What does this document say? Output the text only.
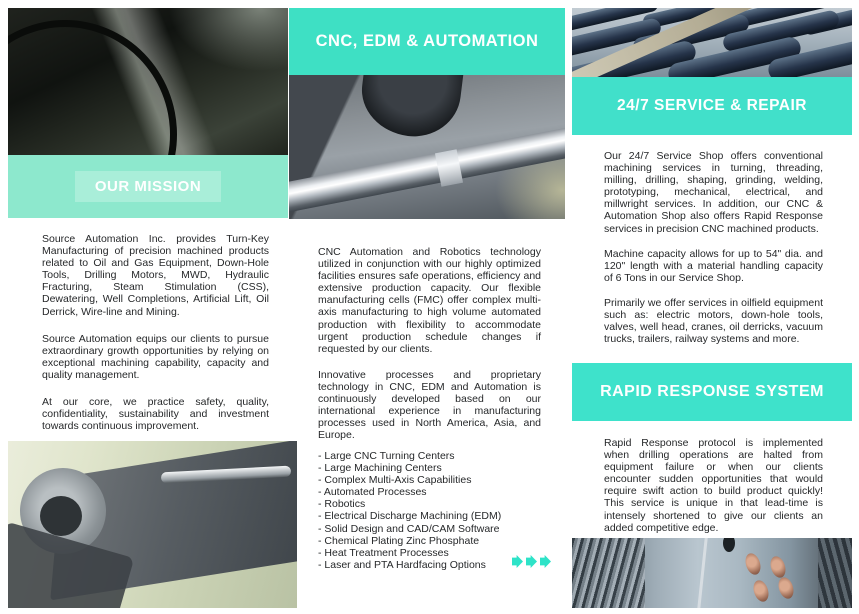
OUR MISSION

Source Automation Inc. provides Turn-Key Manufacturing of precision machined products related to Oil and Gas Equipment, Down-Hole Tools, Drilling Motors, MWD, Hydraulic Fracturing, Steam Stimulation (CSS), Dewatering, Well Completions, Artificial Lift, Oil Derrick, Wire-line and Mining.

Source Automation equips our clients to pursue extraordinary growth opportunities by relying on exceptional machining capability, capacity and quality management.

At our core, we practice safety, quality, confidentiality, sustainability and investment towards continuous improvement.

CNC, EDM & AUTOMATION

CNC Automation and Robotics technology utilized in conjunction with our highly optimized facilities ensures safe operations, efficiency and extensive production capacity. Our flexible manufacturing cells (FMC) offer complex multi-axis manufacturing to high volume automated production with flexibility to accommodate urgent production schedule changes if requested by our clients.

Innovative processes and proprietary technology in CNC, EDM and Automation is continuously developed based on our international experience in manufacturing processes used in North America, Asia, and Europe.

- Large CNC Turning Centers
- Large Machining Centers
- Complex Multi-Axis Capabilities
- Automated Processes
- Robotics
- Electrical Discharge Machining (EDM)
- Solid Design and CAD/CAM Software
- Chemical Plating Zinc Phosphate
- Heat Treatment Processes
- Laser and PTA Hardfacing Options
24/7 SERVICE & REPAIR

Our 24/7 Service Shop offers conventional machining services in turning, threading, milling, drilling, shaping, grinding, welding, prototyping, mechanical, electrical, and millwright services. In addition, our CNC & Automation Shop also offers Rapid Response services in precision CNC machined products.

Machine capacity allows for up to 54" dia. and 120" length with a material handling capacity of 6 Tons in our Service Shop.

Primarily we offer services in oilfield equipment such as: electric motors, down-hole tools, valves, well head, cranes, oil derricks, vacuum trucks, trailers, railway systems and more.

RAPID RESPONSE SYSTEM

Rapid Response protocol is implemented when drilling operations are halted from equipment failure or when our clients encounter sudden opportunities that would require swift action to build product quickly! This service is unique in that lead-time is intensely shortened to give our clients an added competitive edge.
